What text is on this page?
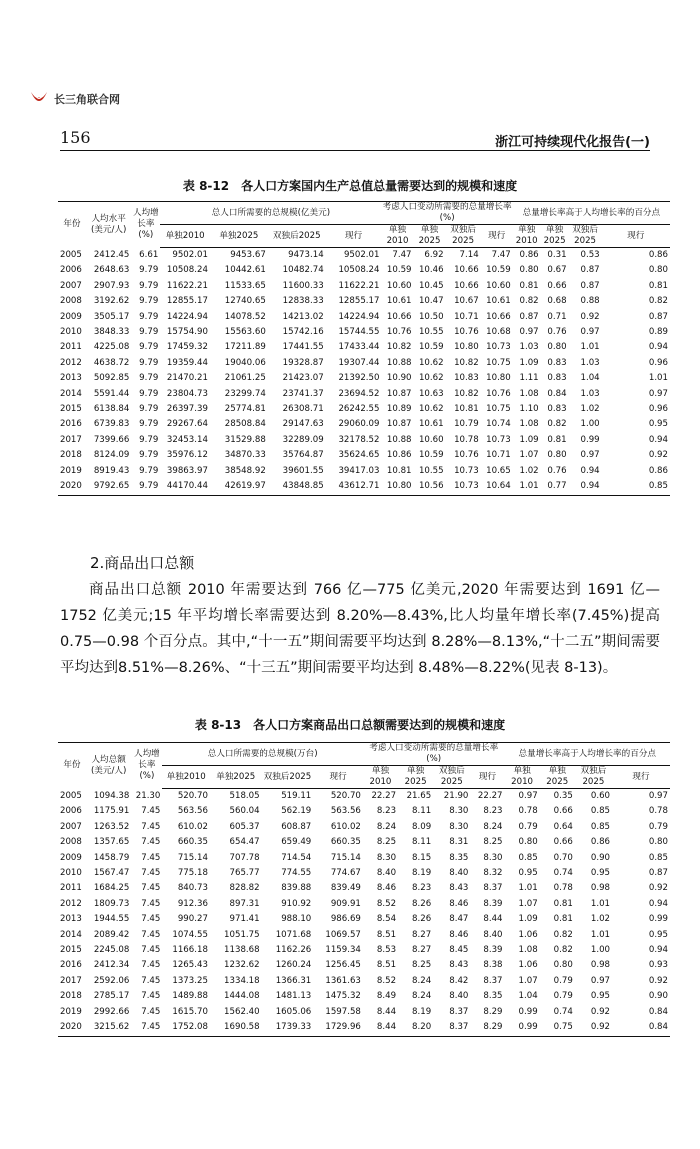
长三角联合网
156	浙江可持续现代化报告(一)
表 8-12　各人口方案国内生产总值总量需要达到的规模和速度
年份	人均水平(美元/人)	人均增长率(%)	总人口所需要的总规模(亿美元)				考虑人口变动所需要的总量增长率(%)				总量增长率高于人均增长率的百分点			
			单独2010	单独2025	双独后2025	现行	单独2010	单独2025	双独后2025	现行	单独2010	单独2025	双独后2025	现行
2005	2412.45	6.61	9502.01	9453.67	9473.14	9502.01	7.47	6.92	7.14	7.47	0.86	0.31	0.53	0.86
2006	2648.63	9.79	10508.24	10442.61	10482.74	10508.24	10.59	10.46	10.66	10.59	0.80	0.67	0.87	0.80
2007	2907.93	9.79	11622.21	11533.65	11600.33	11622.21	10.60	10.45	10.66	10.60	0.81	0.66	0.87	0.81
2008	3192.62	9.79	12855.17	12740.65	12838.33	12855.17	10.61	10.47	10.67	10.61	0.82	0.68	0.88	0.82
2009	3505.17	9.79	14224.94	14078.52	14213.02	14224.94	10.66	10.50	10.71	10.66	0.87	0.71	0.92	0.87
2010	3848.33	9.79	15754.90	15563.60	15742.16	15744.55	10.76	10.55	10.76	10.68	0.97	0.76	0.97	0.89
2011	4225.08	9.79	17459.32	17211.89	17441.55	17433.44	10.82	10.59	10.80	10.73	1.03	0.80	1.01	0.94
2012	4638.72	9.79	19359.44	19040.06	19328.87	19307.44	10.88	10.62	10.82	10.75	1.09	0.83	1.03	0.96
2013	5092.85	9.79	21470.21	21061.25	21423.07	21392.50	10.90	10.62	10.83	10.80	1.11	0.83	1.04	1.01
2014	5591.44	9.79	23804.73	23299.74	23741.37	23694.52	10.87	10.63	10.82	10.76	1.08	0.84	1.03	0.97
2015	6138.84	9.79	26397.39	25774.81	26308.71	26242.55	10.89	10.62	10.81	10.75	1.10	0.83	1.02	0.96
2016	6739.83	9.79	29267.64	28508.84	29147.63	29060.09	10.87	10.61	10.79	10.74	1.08	0.82	1.00	0.95
2017	7399.66	9.79	32453.14	31529.88	32289.09	32178.52	10.88	10.60	10.78	10.73	1.09	0.81	0.99	0.94
2018	8124.09	9.79	35976.12	34870.33	35764.87	35624.65	10.86	10.59	10.76	10.71	1.07	0.80	0.97	0.92
2019	8919.43	9.79	39863.97	38548.92	39601.55	39417.03	10.81	10.55	10.73	10.65	1.02	0.76	0.94	0.86
2020	9792.65	9.79	44170.44	42619.97	43848.85	43612.71	10.80	10.56	10.73	10.64	1.01	0.77	0.94	0.85
2.商品出口总额

商品出口总额 2010 年需要达到 766 亿—775 亿美元,2020 年需要达到 1691 亿—1752 亿美元;15 年平均增长率需要达到 8.20%—8.43%,比人均量年增长率(7.45%)提高 0.75—0.98 个百分点。其中,“十一五”期间需要平均达到 8.28%—8.13%,“十二五”期间需要平均达到8.51%—8.26%、“十三五”期间需要平均达到 8.48%—8.22%(见表 8-13)。

表 8-13　各人口方案商品出口总额需要达到的规模和速度
年份	人均总额(美元/人)	人均增长率(%)	总人口所需要的总规模(万台)				考虑人口变动所需要的总量增长率(%)				总量增长率高于人均增长率的百分点			
			单独2010	单独2025	双独后2025	现行	单独2010	单独2025	双独后2025	现行	单独2010	单独2025	双独后2025	现行
2005	1094.38	21.30	520.70	518.05	519.11	520.70	22.27	21.65	21.90	22.27	0.97	0.35	0.60	0.97
2006	1175.91	7.45	563.56	560.04	562.19	563.56	8.23	8.11	8.30	8.23	0.78	0.66	0.85	0.78
2007	1263.52	7.45	610.02	605.37	608.87	610.02	8.24	8.09	8.30	8.24	0.79	0.64	0.85	0.79
2008	1357.65	7.45	660.35	654.47	659.49	660.35	8.25	8.11	8.31	8.25	0.80	0.66	0.86	0.80
2009	1458.79	7.45	715.14	707.78	714.54	715.14	8.30	8.15	8.35	8.30	0.85	0.70	0.90	0.85
2010	1567.47	7.45	775.18	765.77	774.55	774.67	8.40	8.19	8.40	8.32	0.95	0.74	0.95	0.87
2011	1684.25	7.45	840.73	828.82	839.88	839.49	8.46	8.23	8.43	8.37	1.01	0.78	0.98	0.92
2012	1809.73	7.45	912.36	897.31	910.92	909.91	8.52	8.26	8.46	8.39	1.07	0.81	1.01	0.94
2013	1944.55	7.45	990.27	971.41	988.10	986.69	8.54	8.26	8.47	8.44	1.09	0.81	1.02	0.99
2014	2089.42	7.45	1074.55	1051.75	1071.68	1069.57	8.51	8.27	8.46	8.40	1.06	0.82	1.01	0.95
2015	2245.08	7.45	1166.18	1138.68	1162.26	1159.34	8.53	8.27	8.45	8.39	1.08	0.82	1.00	0.94
2016	2412.34	7.45	1265.43	1232.62	1260.24	1256.45	8.51	8.25	8.43	8.38	1.06	0.80	0.98	0.93
2017	2592.06	7.45	1373.25	1334.18	1366.31	1361.63	8.52	8.24	8.42	8.37	1.07	0.79	0.97	0.92
2018	2785.17	7.45	1489.88	1444.08	1481.13	1475.32	8.49	8.24	8.40	8.35	1.04	0.79	0.95	0.90
2019	2992.66	7.45	1615.70	1562.40	1605.06	1597.58	8.44	8.19	8.37	8.29	0.99	0.74	0.92	0.84
2020	3215.62	7.45	1752.08	1690.58	1739.33	1729.96	8.44	8.20	8.37	8.29	0.99	0.75	0.92	0.84
